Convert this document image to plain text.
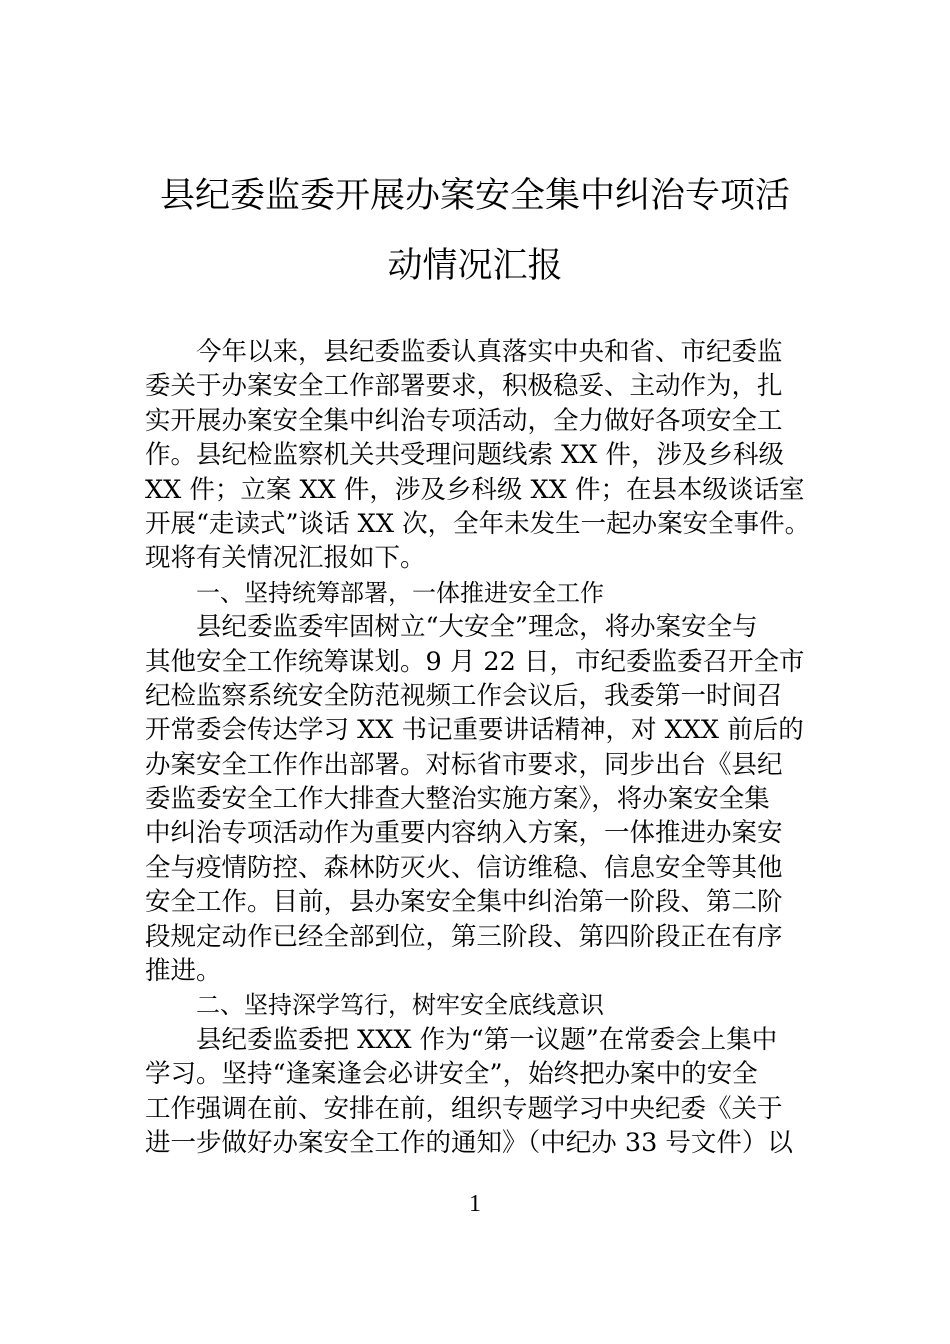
县纪委监委开展办案安全集中纠治专项活
动情况汇报
今年以来，县纪委监委认真落实中央和省、市纪委监
委关于办案安全工作部署要求，积极稳妥、主动作为，扎
实开展办案安全集中纠治专项活动，全力做好各项安全工
作。县纪检监察机关共受理问题线索 XX 件，涉及乡科级
XX 件；立案 XX 件，涉及乡科级 XX 件；在县本级谈话室
开展“走读式”谈话 XX 次，全年未发生一起办案安全事件。
现将有关情况汇报如下。
一、坚持统筹部署，一体推进安全工作
县纪委监委牢固树立“大安全”理念，将办案安全与
其他安全工作统筹谋划。9 月 22 日，市纪委监委召开全市
纪检监察系统安全防范视频工作会议后，我委第一时间召
开常委会传达学习 XX 书记重要讲话精神，对 XXX 前后的
办案安全工作作出部署。对标省市要求，同步出台《县纪
委监委安全工作大排查大整治实施方案》，将办案安全集
中纠治专项活动作为重要内容纳入方案，一体推进办案安
全与疫情防控、森林防灭火、信访维稳、信息安全等其他
安全工作。目前，县办案安全集中纠治第一阶段、第二阶
段规定动作已经全部到位，第三阶段、第四阶段正在有序
推进。
二、坚持深学笃行，树牢安全底线意识
县纪委监委把 XXX 作为“第一议题”在常委会上集中
学习。坚持“逢案逢会必讲安全”，始终把办案中的安全
工作强调在前、安排在前，组织专题学习中央纪委《关于
进一步做好办案安全工作的通知》（中纪办 33 号文件）以
1
